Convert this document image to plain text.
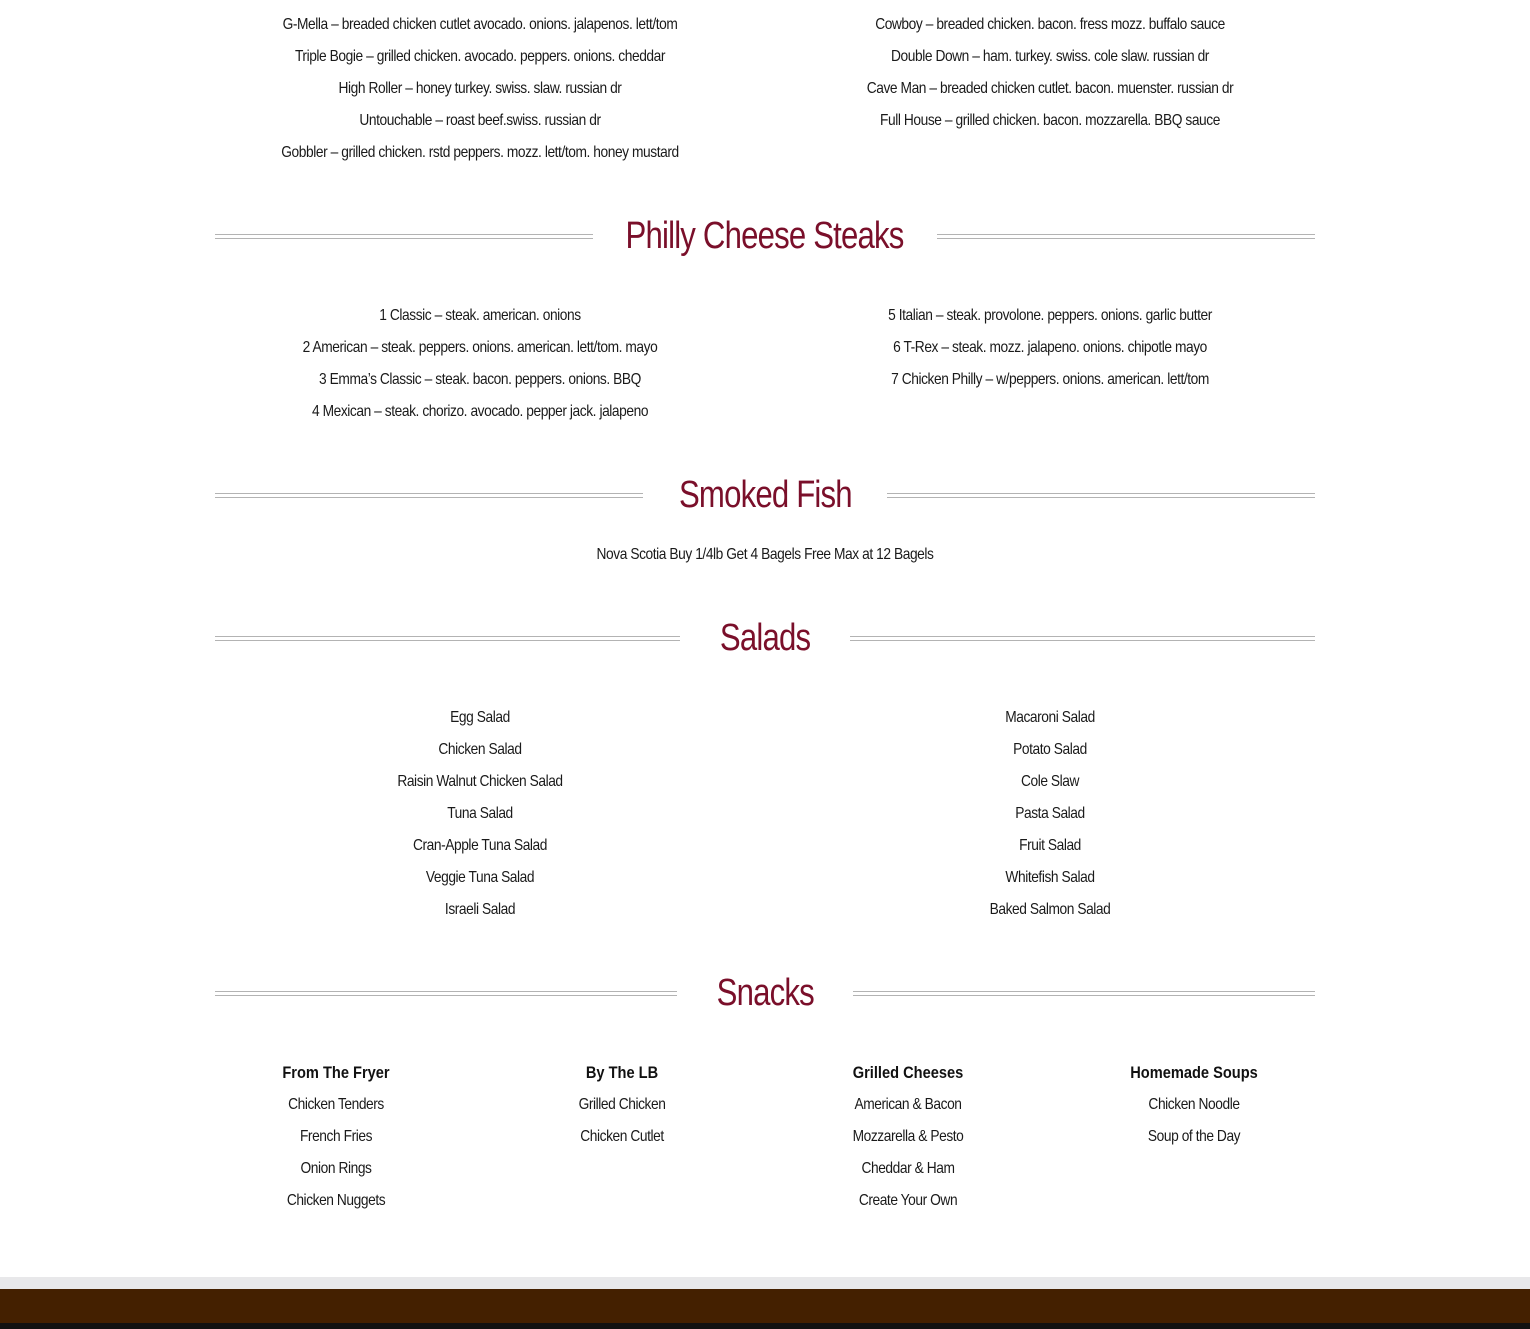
G-Mella – breaded chicken cutlet avocado. onions. jalapenos. lett/tom
Triple Bogie – grilled chicken. avocado. peppers. onions. cheddar
High Roller – honey turkey. swiss. slaw. russian dr
Untouchable – roast beef.swiss. russian dr
Gobbler – grilled chicken. rstd peppers. mozz. lett/tom. honey mustard
Cowboy – breaded chicken. bacon. fress mozz. buffalo sauce
Double Down – ham. turkey. swiss. cole slaw. russian dr
Cave Man – breaded chicken cutlet. bacon. muenster. russian dr
Full House – grilled chicken. bacon. mozzarella. BBQ sauce
Philly Cheese Steaks
1 Classic – steak. american. onions
2 American – steak. peppers. onions. american. lett/tom. mayo
3 Emma’s Classic – steak. bacon. peppers. onions. BBQ
4 Mexican – steak. chorizo. avocado. pepper jack. jalapeno
5 Italian – steak. provolone. peppers. onions. garlic butter
6 T-Rex – steak. mozz. jalapeno. onions. chipotle mayo
7 Chicken Philly – w/peppers. onions. american. lett/tom
Smoked Fish
Nova Scotia Buy 1/4lb Get 4 Bagels Free Max at 12 Bagels
Salads
Egg Salad
Chicken Salad
Raisin Walnut Chicken Salad
Tuna Salad
Cran-Apple Tuna Salad
Veggie Tuna Salad
Israeli Salad
Macaroni Salad
Potato Salad
Cole Slaw
Pasta Salad
Fruit Salad
Whitefish Salad
Baked Salmon Salad
Snacks
From The Fryer
Chicken Tenders
French Fries
Onion Rings
Chicken Nuggets
By The LB
Grilled Chicken
Chicken Cutlet
Grilled Cheeses
American & Bacon
Mozzarella & Pesto
Cheddar & Ham
Create Your Own
Homemade Soups
Chicken Noodle
Soup of the Day
